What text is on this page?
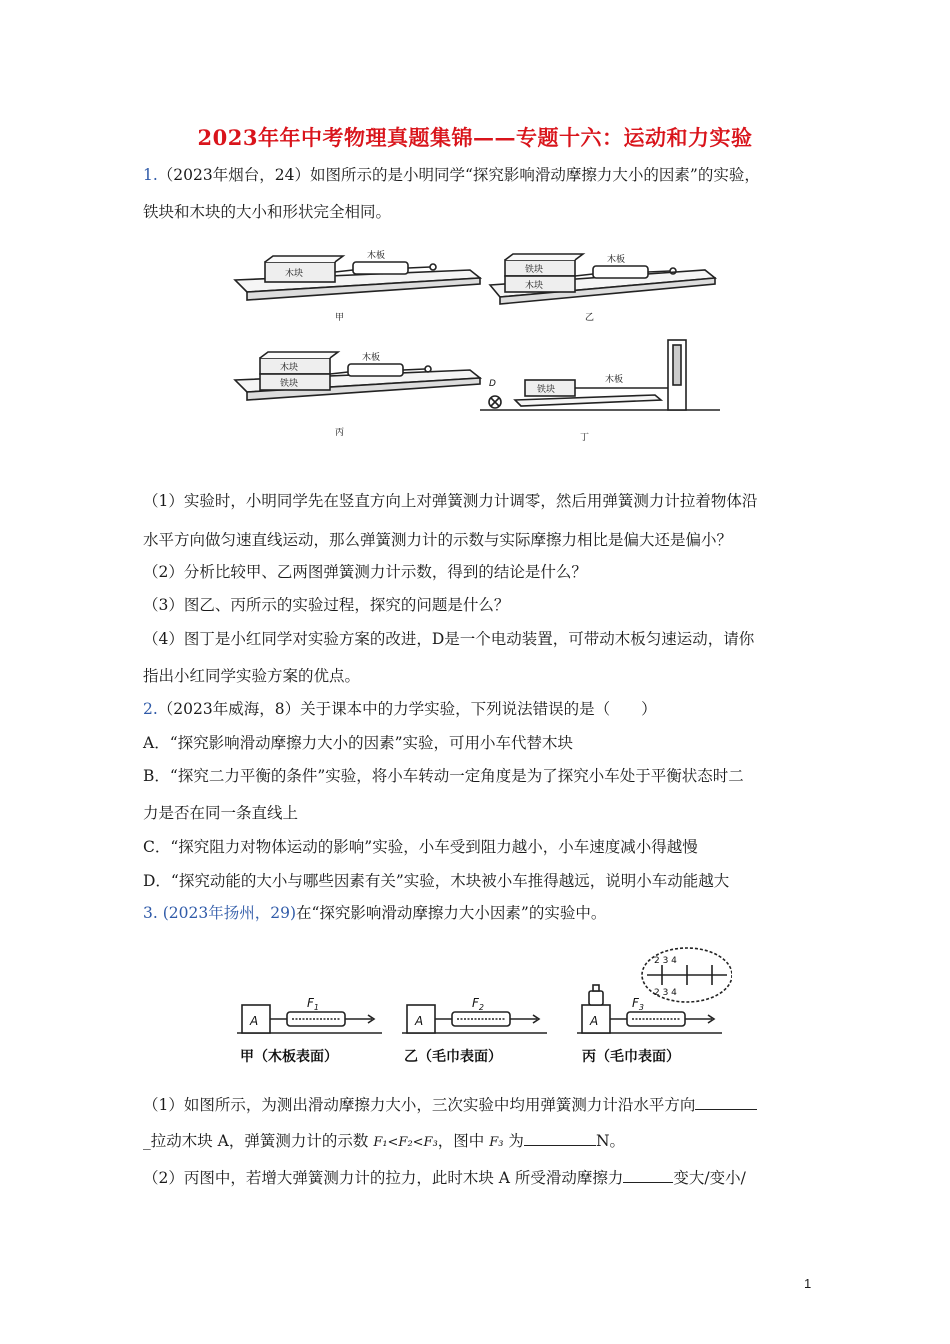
2023年年中考物理真题集锦——专题十六：运动和力实验
1.（2023年烟台，24）如图所示的是小明同学“探究影响滑动摩擦力大小的因素”的实验，
铁块和木块的大小和形状完全相同。
木块
木板
铁块
木块
木板
木块
铁块
木板
铁块
木板
D
甲	乙
丙	丁
（1）实验时，小明同学先在竖直方向上对弹簧测力计调零，然后用弹簧测力计拉着物体沿
水平方向做匀速直线运动，那么弹簧测力计的示数与实际摩擦力相比是偏大还是偏小？
（2）分析比较甲、乙两图弹簧测力计示数，得到的结论是什么？
（3）图乙、丙所示的实验过程，探究的问题是什么？
（4）图丁是小红同学对实验方案的改进，D是一个电动装置，可带动木板匀速运动，请你
指出小红同学实验方案的优点。
2.（2023年威海，8）关于课本中的力学实验，下列说法错误的是（　　）
A．“探究影响滑动摩擦力大小的因素”实验，可用小车代替木块
B．“探究二力平衡的条件”实验，将小车转动一定角度是为了探究小车处于平衡状态时二
力是否在同一条直线上
C．“探究阻力对物体运动的影响”实验，小车受到阻力越小，小车速度减小得越慢
D．“探究动能的大小与哪些因素有关”实验，木块被小车推得越远，说明小车动能越大
3. (2023年扬州，29)在“探究影响滑动摩擦力大小因素”的实验中。
A	A	A
$F_1$	$F_2$	$F_3$
2 3 4
2 3 4
甲（木板表面）	乙（毛巾表面）	丙（毛巾表面）
（1）如图所示，为测出滑动摩擦力大小，三次实验中均用弹簧测力计沿水平方向
_拉动木块 A，弹簧测力计的示数 F₁<F₂<F₃，图中 F₃ 为	N。
（2）丙图中，若增大弹簧测力计的拉力，此时木块 A 所受滑动摩擦力	变大/变小/
1
